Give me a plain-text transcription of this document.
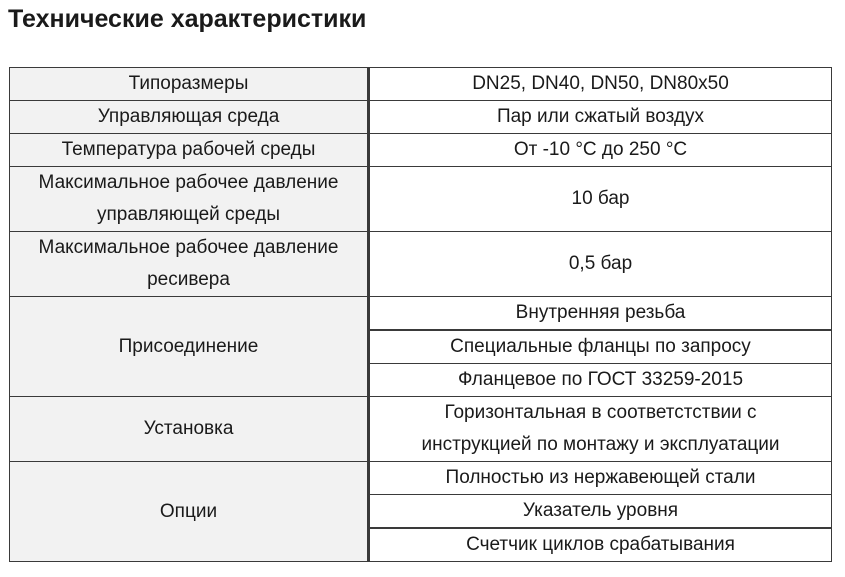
Технические характеристики
Типоразмеры	DN25, DN40, DN50, DN80x50
Управляющая среда	Пар или сжатый воздух
Температура рабочей среды	От -10 °С до 250 °С
Максимальное рабочее давление
управляющей среды	10 бар
Максимальное рабочее давление
ресивера	0,5 бар
Присоединение	Внутренняя резьба
	Специальные фланцы по запросу
	Фланцевое по ГОСТ 33259-2015
Установка	Горизонтальная в соответстствии с
инструкцией по монтажу и эксплуатации
Опции	Полностью из нержавеющей стали
	Указатель уровня
	Счетчик циклов срабатывания
